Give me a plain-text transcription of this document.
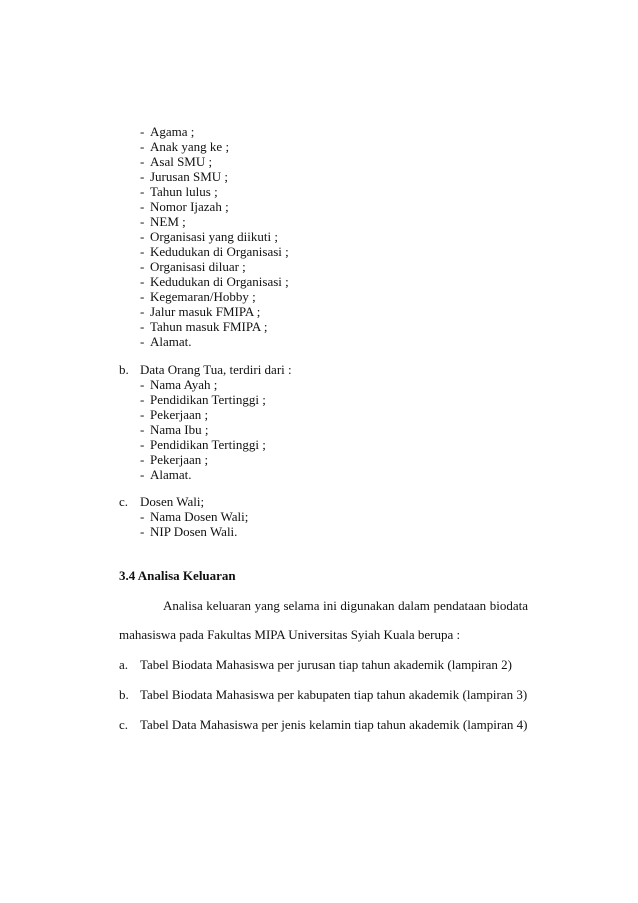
- Agama ;
- Anak yang ke ;
- Asal SMU ;
- Jurusan SMU ;
- Tahun lulus ;
- Nomor Ijazah ;
- NEM ;
- Organisasi yang diikuti ;
- Kedudukan di Organisasi ;
- Organisasi diluar ;
- Kedudukan di Organisasi ;
- Kegemaran/Hobby ;
- Jalur masuk FMIPA ;
- Tahun masuk FMIPA ;
- Alamat.
b. Data Orang Tua, terdiri dari :
- Nama Ayah ;
- Pendidikan Tertinggi ;
- Pekerjaan ;
- Nama Ibu ;
- Pendidikan Tertinggi ;
- Pekerjaan ;
- Alamat.
c. Dosen Wali;
- Nama Dosen Wali;
- NIP Dosen Wali.
3.4 Analisa Keluaran
Analisa keluaran yang selama ini digunakan dalam pendataan biodata
mahasiswa pada Fakultas MIPA Universitas Syiah Kuala berupa :
a. Tabel Biodata Mahasiswa per jurusan tiap tahun akademik (lampiran 2)
b. Tabel Biodata Mahasiswa per kabupaten tiap tahun akademik (lampiran 3)
c. Tabel Data Mahasiswa per jenis kelamin tiap tahun akademik (lampiran 4)
